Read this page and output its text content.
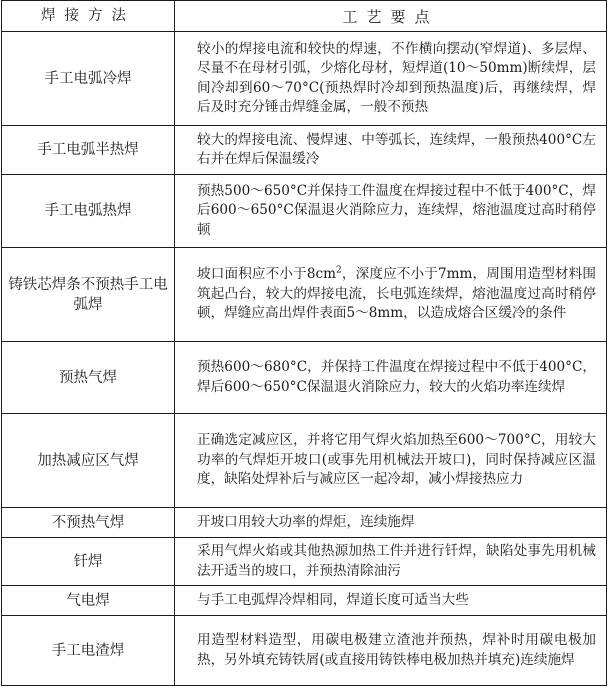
焊接方法	工艺要点
手工电弧冷焊	较小的焊接电流和较快的焊速，不作横向摆动(窄焊道)、多层焊、尽量不在母材引弧，少熔化母材，短焊道(10～50mm)断续焊，层间冷却到60～70°C(预热焊时冷却到预热温度)后，再继续焊，焊后及时充分锤击焊缝金属，一般不预热
手工电弧半热焊	较大的焊接电流、慢焊速、中等弧长，连续焊，一般预热400°C左右并在焊后保温缓冷
手工电弧热焊	预热500～650°C并保持工件温度在焊接过程中不低于400°C，焊后600～650°C保温退火消除应力，连续焊，熔池温度过高时稍停顿
铸铁芯焊条不预热手工电弧焊	坡口面积应不小于$8cm^2$，深度应不小于7mm，周围用造型材料围筑起凸台，较大的焊接电流，长电弧连续焊，熔池温度过高时稍停顿，焊缝应高出焊件表面5～8mm，以造成熔合区缓冷的条件
预热气焊	预热600～680°C，并保持工件温度在焊接过程中不低于400°C，焊后600～650°C保温退火消除应力，较大的火焰功率连续焊
加热减应区气焊	正确选定减应区，并将它用气焊火焰加热至600～700°C，用较大功率的气焊炬开坡口(或事先用机械法开坡口)，同时保持减应区温度，缺陷处焊补后与减应区一起冷却，减小焊接热应力
不预热气焊	开坡口用较大功率的焊炬，连续施焊
钎焊	采用气焊火焰或其他热源加热工件并进行钎焊，缺陷处事先用机械法开适当的坡口，并预热清除油污
气电焊	与手工电弧焊冷焊相同，焊道长度可适当大些
手工电渣焊	用造型材料造型，用碳电极建立渣池并预热，焊补时用碳电极加热，另外填充铸铁屑(或直接用铸铁棒电极加热并填充)连续施焊
